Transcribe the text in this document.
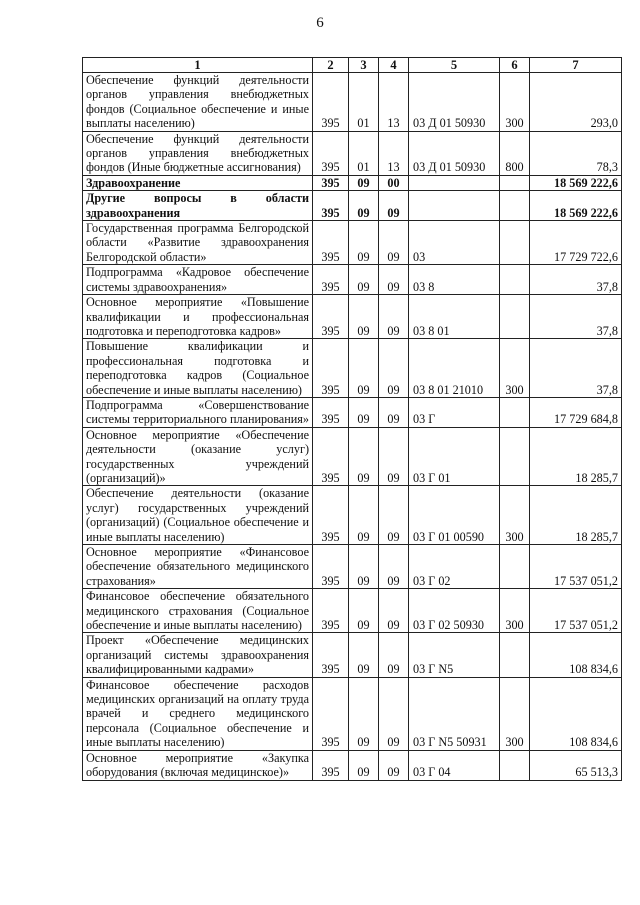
6
1	2	3	4	5	6	7
Обеспечение функций деятельности органов управления внебюджетных фондов (Социальное обеспечение и иные выплаты населению)	395	01	13	03 Д 01 50930	300	293,0
Обеспечение функций деятельности органов управления внебюджетных фондов (Иные бюджетные ассигнования)	395	01	13	03 Д 01 50930	800	78,3
Здравоохранение	395	09	00			18 569 222,6
Другие вопросы в области здравоохранения	395	09	09			18 569 222,6
Государственная программа Белгородской области «Развитие здравоохранения Белгородской области»	395	09	09	03		17 729 722,6
Подпрограмма «Кадровое обеспечение системы здравоохранения»	395	09	09	03 8		37,8
Основное мероприятие «Повышение квалификации и профессиональная подготовка и переподготовка кадров»	395	09	09	03 8 01		37,8
Повышение квалификации и профессиональная подготовка и переподготовка кадров (Социальное обеспечение и иные выплаты населению)	395	09	09	03 8 01 21010	300	37,8
Подпрограмма «Совершенствование системы территориального планирования»	395	09	09	03 Г		17 729 684,8
Основное мероприятие «Обеспечение деятельности (оказание услуг) государственных учреждений (организаций)»	395	09	09	03 Г 01		18 285,7
Обеспечение деятельности (оказание услуг) государственных учреждений (организаций) (Социальное обеспечение и иные выплаты населению)	395	09	09	03 Г 01 00590	300	18 285,7
Основное мероприятие «Финансовое обеспечение обязательного медицинского страхования»	395	09	09	03 Г 02		17 537 051,2
Финансовое обеспечение обязательного медицинского страхования (Социальное обеспечение и иные выплаты населению)	395	09	09	03 Г 02 50930	300	17 537 051,2
Проект «Обеспечение медицинских организаций системы здравоохранения квалифицированными кадрами»	395	09	09	03 Г N5		108 834,6
Финансовое обеспечение расходов медицинских организаций на оплату труда врачей и среднего медицинского персонала (Социальное обеспечение и иные выплаты населению)	395	09	09	03 Г N5 50931	300	108 834,6
Основное мероприятие «Закупка оборудования (включая медицинское)»	395	09	09	03 Г 04		65 513,3
